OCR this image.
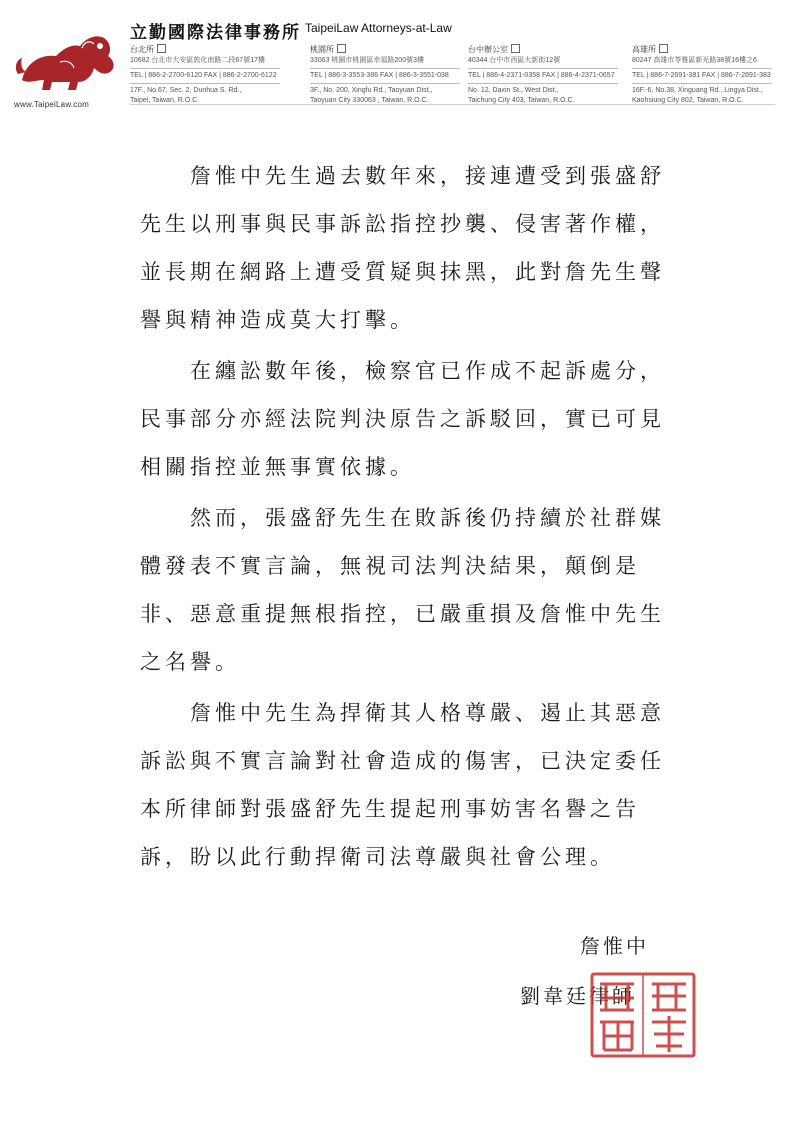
www.TaipeiLaw.com
立勤國際法律事務所 TaipeiLaw Attorneys-at-Law
台北所
10682 台北市大安區敦化南路二段67號17樓
TEL | 886-2-2700-6120 FAX | 886-2-2700-6122
17F., No.67, Sec. 2, Dunhua S. Rd.,
Taipei, Taiwan, R.O.C.
桃園所
33063 桃園市桃園區幸福路200號3樓
TEL | 886-3-3553-386 FAX | 886-3-3551-038
3F., No. 200, Xingfu Rd., Taoyuan Dist.,
Taoyuan City 330063 , Taiwan, R.O.C.
台中辦公室
40344 台中市西區大新街12號
TEL | 886-4-2371-0358 FAX | 886-4-2371-0657
No. 12, Daxin St., West Dist.,
Taichung City 403, Taiwan, R.O.C.
高雄所
80247 高雄市苓雅區新光路38號16樓之6
TEL | 886-7-2691-381 FAX | 886-7-2691-383
16F.-6, No.38, Xinguang Rd., Lingya Dist.,
Kaohsiung City 802, Taiwan, R.O.C.

詹惟中先生過去數年來，接連遭受到張盛舒先生以刑事與民事訴訟指控抄襲、侵害著作權，並長期在網路上遭受質疑與抹黑，此對詹先生聲譽與精神造成莫大打擊。

在纏訟數年後，檢察官已作成不起訴處分，民事部分亦經法院判決原告之訴駁回，實已可見相關指控並無事實依據。

然而，張盛舒先生在敗訴後仍持續於社群媒體發表不實言論，無視司法判決結果，顛倒是非、惡意重提無根指控，已嚴重損及詹惟中先生之名譽。

詹惟中先生為捍衛其人格尊嚴、遏止其惡意訴訟與不實言論對社會造成的傷害，已決定委任本所律師對張盛舒先生提起刑事妨害名譽之告訴，盼以此行動捍衛司法尊嚴與社會公理。

詹惟中
劉韋廷律師
